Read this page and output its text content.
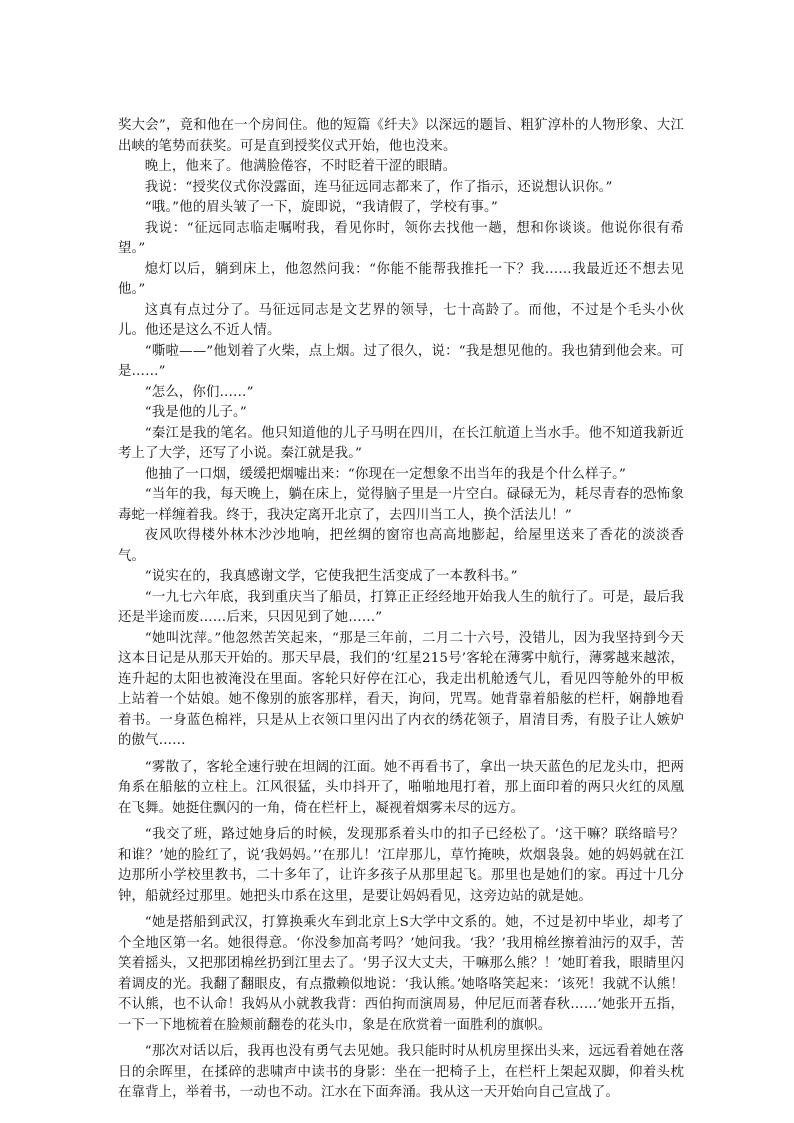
奖大会”，竟和他在一个房间住。他的短篇《纤夫》以深远的题旨、粗犷淳朴的人物形象、大江出峡的笔势而获奖。可是直到授奖仪式开始，他也没来。

晚上，他来了。他满脸倦容，不时眨着干涩的眼睛。

我说：“授奖仪式你没露面，连马征远同志都来了，作了指示，还说想认识你。”

“哦。”他的眉头皱了一下，旋即说，“我请假了，学校有事。”

我说：“征远同志临走嘱咐我，看见你时，领你去找他一趟，想和你谈谈。他说你很有希望。”

熄灯以后，躺到床上，他忽然问我：“你能不能帮我推托一下？我……我最近还不想去见他。”

这真有点过分了。马征远同志是文艺界的领导，七十高龄了。而他，不过是个毛头小伙儿。他还是这么不近人情。

“嘶啦——”他划着了火柴，点上烟。过了很久，说：“我是想见他的。我也猜到他会来。可是……”

“怎么，你们……”

“我是他的儿子。”

“秦江是我的笔名。他只知道他的儿子马明在四川，在长江航道上当水手。他不知道我新近考上了大学，还写了小说。秦江就是我。”

他抽了一口烟，缓缓把烟嘘出来：“你现在一定想象不出当年的我是个什么样子。”

“当年的我，每天晚上，躺在床上，觉得脑子里是一片空白。碌碌无为，耗尽青春的恐怖象毒蛇一样缠着我。终于，我决定离开北京了，去四川当工人，换个活法儿！”

夜风吹得楼外林木沙沙地响，把丝绸的窗帘也高高地膨起，给屋里送来了香花的淡淡香气。

“说实在的，我真感谢文学，它使我把生活变成了一本教科书。”

“一九七六年底，我到重庆当了船员，打算正正经经地开始我人生的航行了。可是，最后我还是半途而废……后来，只因见到了她……”

“她叫沈萍。”他忽然苦笑起来，“那是三年前，二月二十六号，没错儿，因为我坚持到今天这本日记是从那天开始的。那天早晨，我们的‘红星215号’客轮在薄雾中航行，薄雾越来越浓，连升起的太阳也被淹没在里面。客轮只好停在江心，我走出机舱透气儿，看见四等舱外的甲板上站着一个姑娘。她不像别的旅客那样，看天，询问，咒骂。她背靠着船舷的栏杆，娴静地看着书。一身蓝色棉袢，只是从上衣领口里闪出了内衣的绣花领子，眉清目秀，有股子让人嫉妒的傲气……

“雾散了，客轮全速行驶在坦阔的江面。她不再看书了，拿出一块天蓝色的尼龙头巾，把两角系在船舷的立柱上。江风很猛，头巾抖开了，啪啪地甩打着，那上面印着的两只火红的凤凰在飞舞。她挺住飘闪的一角，倚在栏杆上，凝视着烟雾未尽的远方。

“我交了班，路过她身后的时候，发现那系着头巾的扣子已经松了。‘这干嘛？联络暗号？和谁？’她的脸红了，说‘我妈妈。’‘在那儿！’江岸那儿，草竹掩映，炊烟袅袅。她的妈妈就在江边那所小学校里教书，二十多年了，让许多孩子从那里起飞。那里也是她们的家。再过十几分钟，船就经过那里。她把头巾系在这里，是要让妈妈看见，这旁边站的就是她。

“她是搭船到武汉，打算换乘火车到北京上S大学中文系的。她，不过是初中毕业，却考了个全地区第一名。她很得意。‘你没参加高考吗？’她问我。‘我？’我用棉丝擦着油污的双手，苦笑着摇头，又把那团棉丝扔到江里去了。‘男子汉大丈夫，干嘛那么熊？！’她盯着我，眼睛里闪着调皮的光。我翻了翻眼皮，有点撒赖似地说：‘我认熊。’她咯咯笑起来：‘该死！我就不认熊！不认熊，也不认命！我妈从小就教我背：西伯拘而演周易，仲尼厄而著春秋……’她张开五指，一下一下地梳着在脸颊前翻卷的花头巾，象是在欣赏着一面胜利的旗帜。

“那次对话以后，我再也没有勇气去见她。我只能时时从机房里探出头来，远远看着她在落日的余晖里，在揉碎的悲啸声中读书的身影：坐在一把椅子上，在栏杆上架起双脚，仰着头枕在靠背上，举着书，一动也不动。江水在下面奔涌。我从这一天开始向自己宣战了。
